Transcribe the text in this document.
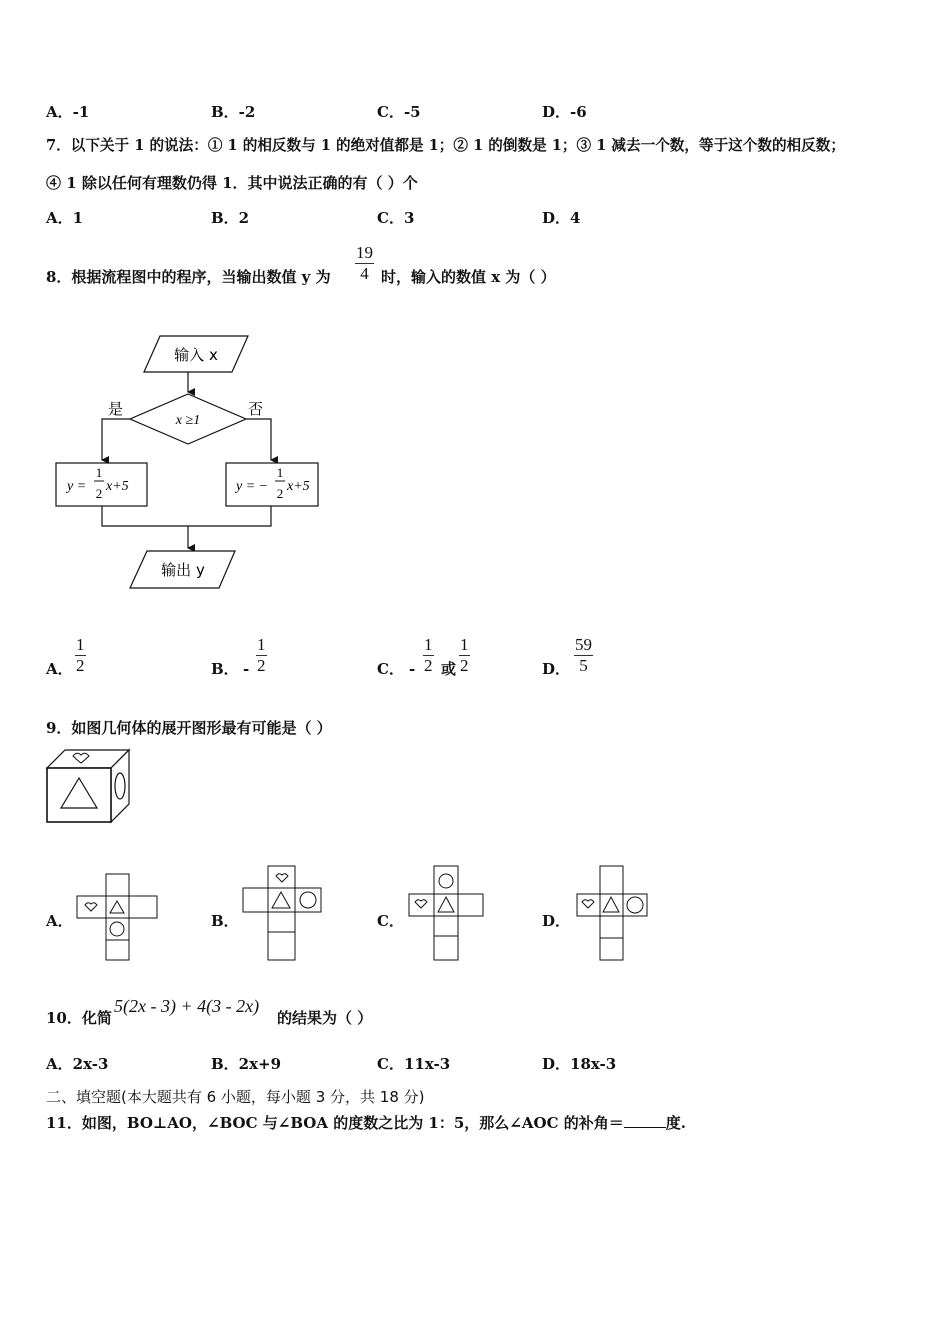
A．-1	B．-2	C．-5	D．-6
7．以下关于 1 的说法：① 1 的相反数与 1 的绝对值都是 1；② 1 的倒数是 1；③ 1 减去一个数，等于这个数的相反数；
④ 1 除以任何有理数仍得 1．其中说法正确的有（ ）个
A．1	B．2	C．3	D．4
8．根据流程图中的程序，当输出数值 y 为 $\frac{19}{4}$ 时，输入的数值 x 为（ ）
输入 x
x ≥1
是	否
y =
1
2 x+5	y = −
1
2 x+5
输出 y
A． $\frac{1}{2}$	B． - $\frac{1}{2}$	C． - $\frac{1}{2}$ 或 $\frac{1}{2}$	D． $\frac{59}{5}$
9．如图几何体的展开图形最有可能是（ ）
A．	B．	C．	D．
10．化简
5(2x - 3) + 4(3 - 2x)
的结果为（ ）
A．2x-3	B．2x+9	C．11x-3	D．18x-3
二、填空题(本大题共有 6 小题，每小题 3 分，共 18 分)
11．如图，BO⊥AO，∠BOC 与∠BOA 的度数之比为 1：5，那么∠AOC 的补角＝	度.
